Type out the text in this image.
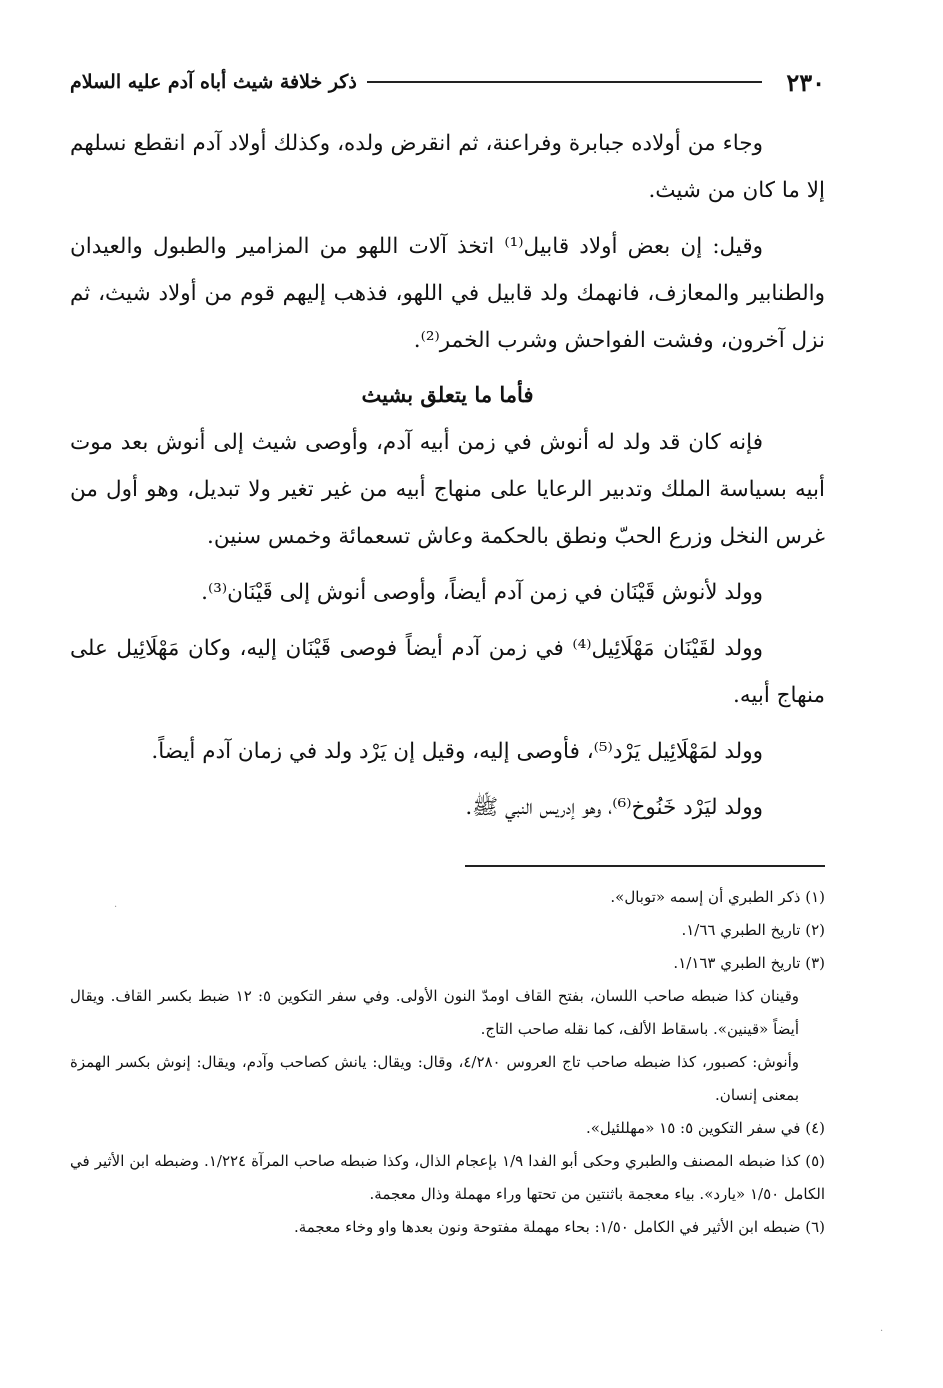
٢٣٠
ذكر خلافة شيث أباه آدم عليه السلام

وجاء من أولاده جبابرة وفراعنة، ثم انقرض ولده، وكذلك أولاد آدم انقطع نسلهم إلا ما كان من شيث.

وقيل: إن بعض أولاد قابيل⁽¹⁾ اتخذ آلات اللهو من المزامير والطبول والعيدان والطنابير والمعازف، فانهمك ولد قابيل في اللهو، فذهب إليهم قوم من أولاد شيث، ثم نزل آخرون، وفشت الفواحش وشرب الخمر⁽²⁾.

فأما ما يتعلق بشيث

فإنه كان قد ولد له أنوش في زمن أبيه آدم، وأوصى شيث إلى أنوش بعد موت أبيه بسياسة الملك وتدبير الرعايا على منهاج أبيه من غير تغير ولا تبديل، وهو أول من غرس النخل وزرع الحبّ ونطق بالحكمة وعاش تسعمائة وخمس سنين.

وولد لأنوش قَيْنَان في زمن آدم أيضاً، وأوصى أنوش إلى قَيْنَان⁽³⁾.

وولد لقَيْنَان مَهْلَائِيل⁽⁴⁾ في زمن آدم أيضاً فوصى قَيْنَان إليه، وكان مَهْلَائِيل على منهاج أبيه.

وولد لمَهْلَائِيل يَرْد⁽⁵⁾، فأوصى إليه، وقيل إن يَرْد ولد في زمان آدم أيضاً.

وولد ليَرْد خَنُوخ⁽⁶⁾، وهو إدريس النبي ﷺ.

(١) ذكر الطبري أن إسمه «توبال».
(٢) تاريخ الطبري ١/٦٦.
(٣) تاريخ الطبري ١/١٦٣.
وقينان كذا ضبطه صاحب اللسان، بفتح القاف اومدّ النون الأولى. وفي سفر التكوين ٥: ١٢ ضبط بكسر القاف. ويقال أيضاً «قينين». باسقاط الألف، كما نقله صاحب التاج.
وأنوش: كصبور، كذا ضبطه صاحب تاج العروس ٤/٢٨٠، وقال: ويقال: يانش كصاحب وآدم، ويقال: إنوش بكسر الهمزة بمعنى إنسان.
(٤) في سفر التكوين ٥: ١٥ «مهللئيل».
(٥) كذا ضبطه المصنف والطبري وحكى أبو الفدا ١/٩ بإعجام الذال، وكذا ضبطه صاحب المرآة ١/٢٢٤. وضبطه ابن الأثير في الكامل ١/٥٠ «يارد». بياء معجمة باثنتين من تحتها وراء مهملة وذال معجمة.
(٦) ضبطه ابن الأثير في الكامل ١/٥٠: بحاء مهملة مفتوحة ونون بعدها واو وخاء معجمة.
·
·
